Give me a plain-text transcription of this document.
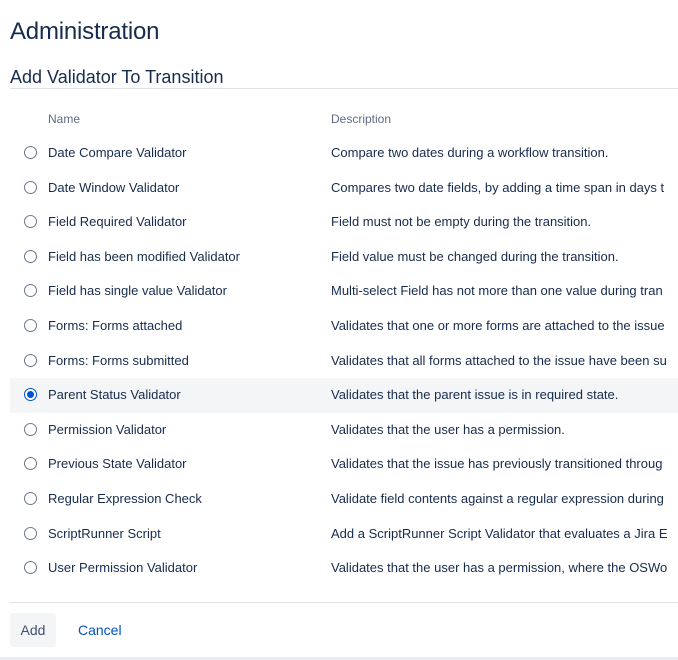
Administration
Add Validator To Transition
Name	Description
Date Compare Validator	Compare two dates during a workflow transition.
Date Window Validator	Compares two date fields, by adding a time span in days t
Field Required Validator	Field must not be empty during the transition.
Field has been modified Validator	Field value must be changed during the transition.
Field has single value Validator	Multi-select Field has not more than one value during tran
Forms: Forms attached	Validates that one or more forms are attached to the issue
Forms: Forms submitted	Validates that all forms attached to the issue have been su
Parent Status Validator	Validates that the parent issue is in required state.
Permission Validator	Validates that the user has a permission.
Previous State Validator	Validates that the issue has previously transitioned throug
Regular Expression Check	Validate field contents against a regular expression during
ScriptRunner Script	Add a ScriptRunner Script Validator that evaluates a Jira E
User Permission Validator	Validates that the user has a permission, where the OSWo
Add	Cancel
